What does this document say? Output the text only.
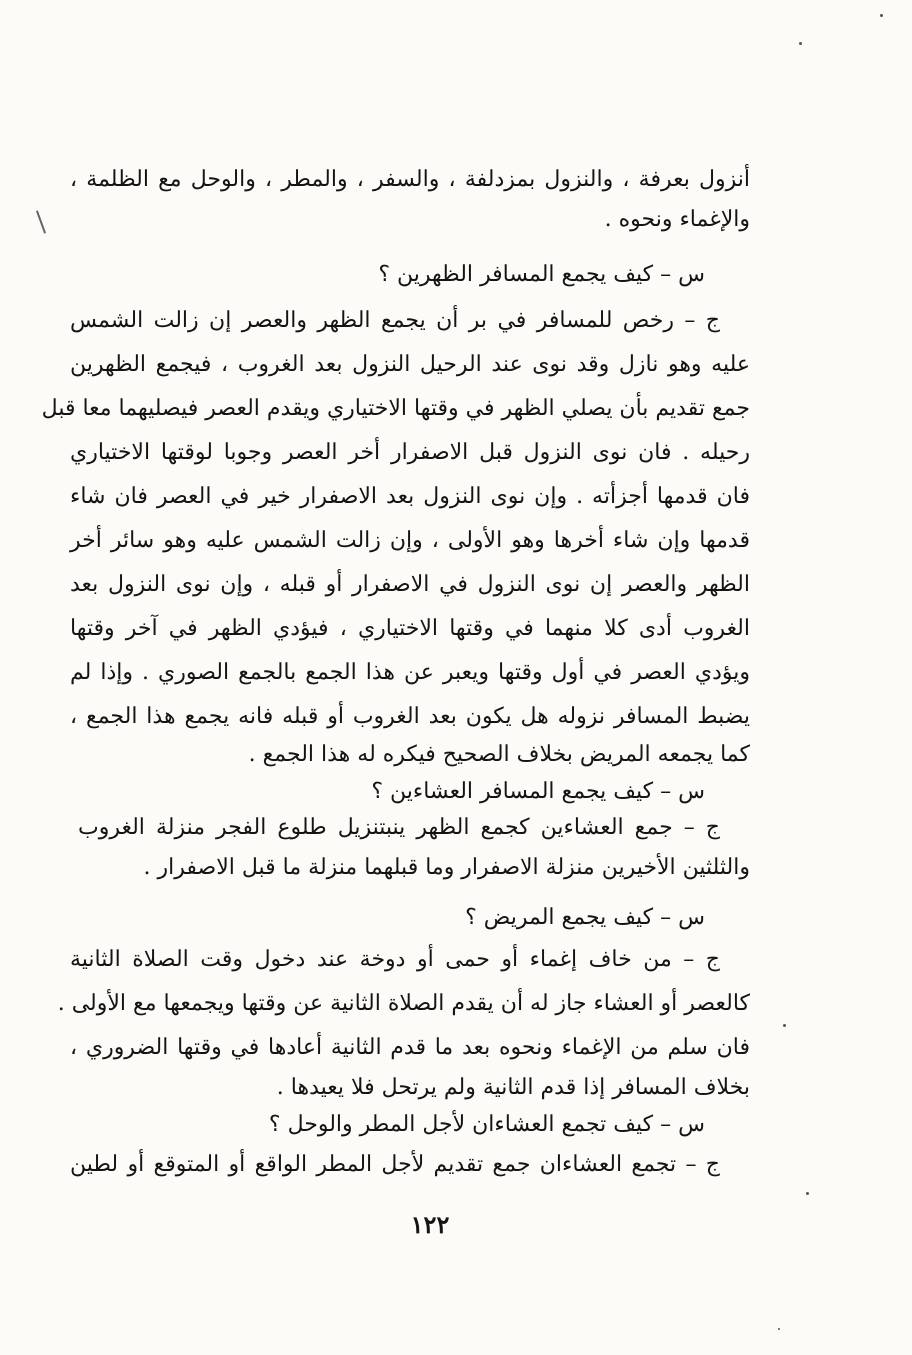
أنزول بعرفة ، والنزول بمزدلفة ، والسفر ، والمطر ، والوحل مع الظلمة ،
والإغماء ونحوه .
س – كيف يجمع المسافر الظهرين ؟
ج – رخص للمسافر في بر أن يجمع الظهر والعصر إن زالت الشمس
عليه وهو نازل وقد نوى عند الرحيل النزول بعد الغروب ، فيجمع الظهرين
جمع تقديم بأن يصلي الظهر في وقتها الاختياري ويقدم العصر فيصليهما معا قبل
رحيله . فان نوى النزول قبل الاصفرار أخر العصر وجوبا لوقتها الاختياري
فان قدمها أجزأته . وإن نوى النزول بعد الاصفرار خير في العصر فان شاء
قدمها وإن شاء أخرها وهو الأولى ، وإن زالت الشمس عليه وهو سائر أخر
الظهر والعصر إن نوى النزول في الاصفرار أو قبله ، وإن نوى النزول بعد
الغروب أدى كلا منهما في وقتها الاختياري ، فيؤدي الظهر في آخر وقتها
ويؤدي العصر في أول وقتها ويعبر عن هذا الجمع بالجمع الصوري . وإذا لم
يضبط المسافر نزوله هل يكون بعد الغروب أو قبله فانه يجمع هذا الجمع ،
كما يجمعه المريض بخلاف الصحيح فيكره له هذا الجمع .
س – كيف يجمع المسافر العشاءين ؟
ج – جمع العشاءين كجمع الظهر ينبتنزيل طلوع الفجر منزلة الغروب
والثلثين الأخيرين منزلة الاصفرار وما قبلهما منزلة ما قبل الاصفرار .
س – كيف يجمع المريض ؟
ج – من خاف إغماء أو حمى أو دوخة عند دخول وقت الصلاة الثانية
كالعصر أو العشاء جاز له أن يقدم الصلاة الثانية عن وقتها ويجمعها مع الأولى .
فان سلم من الإغماء ونحوه بعد ما قدم الثانية أعادها في وقتها الضروري ،
بخلاف المسافر إذا قدم الثانية ولم يرتحل فلا يعيدها .
س – كيف تجمع العشاءان لأجل المطر والوحل ؟
ج – تجمع العشاءان جمع تقديم لأجل المطر الواقع أو المتوقع أو لطين
١٢٢
